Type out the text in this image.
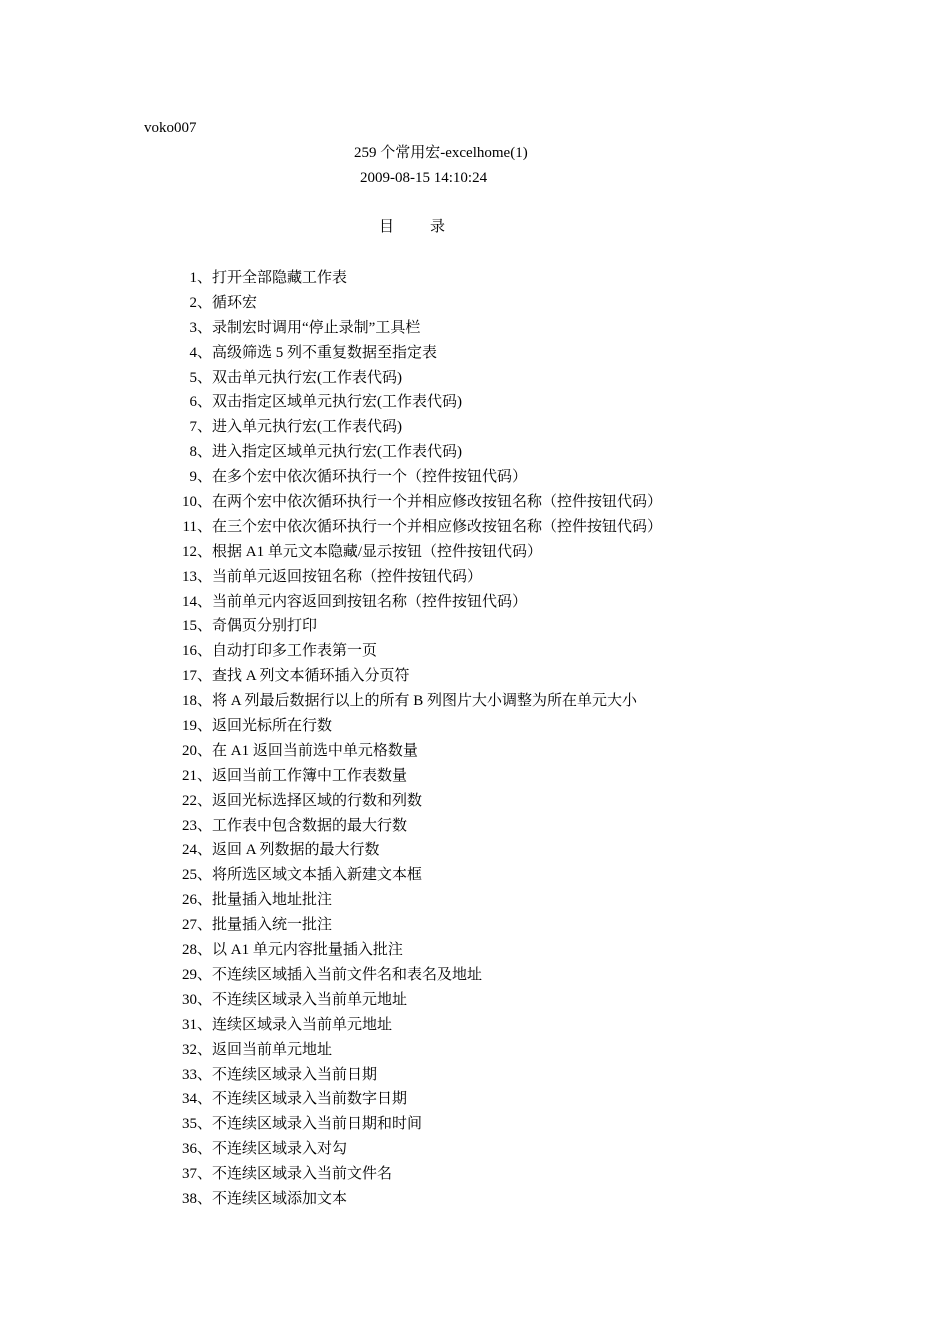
voko007
259 个常用宏-excelhome(1)
2009-08-15 14:10:24
目录
1、打开全部隐藏工作表
2、循环宏
3、录制宏时调用“停止录制”工具栏
4、高级筛选 5 列不重复数据至指定表
5、双击单元执行宏(工作表代码)
6、双击指定区域单元执行宏(工作表代码)
7、进入单元执行宏(工作表代码)
8、进入指定区域单元执行宏(工作表代码)
9、在多个宏中依次循环执行一个（控件按钮代码）
10、在两个宏中依次循环执行一个并相应修改按钮名称（控件按钮代码）
11、在三个宏中依次循环执行一个并相应修改按钮名称（控件按钮代码）
12、根据 A1 单元文本隐藏/显示按钮（控件按钮代码）
13、当前单元返回按钮名称（控件按钮代码）
14、当前单元内容返回到按钮名称（控件按钮代码）
15、奇偶页分别打印
16、自动打印多工作表第一页
17、查找 A 列文本循环插入分页符
18、将 A 列最后数据行以上的所有 B 列图片大小调整为所在单元大小
19、返回光标所在行数
20、在 A1 返回当前选中单元格数量
21、返回当前工作簿中工作表数量
22、返回光标选择区域的行数和列数
23、工作表中包含数据的最大行数
24、返回 A 列数据的最大行数
25、将所选区域文本插入新建文本框
26、批量插入地址批注
27、批量插入统一批注
28、以 A1 单元内容批量插入批注
29、不连续区域插入当前文件名和表名及地址
30、不连续区域录入当前单元地址
31、连续区域录入当前单元地址
32、返回当前单元地址
33、不连续区域录入当前日期
34、不连续区域录入当前数字日期
35、不连续区域录入当前日期和时间
36、不连续区域录入对勾
37、不连续区域录入当前文件名
38、不连续区域添加文本
